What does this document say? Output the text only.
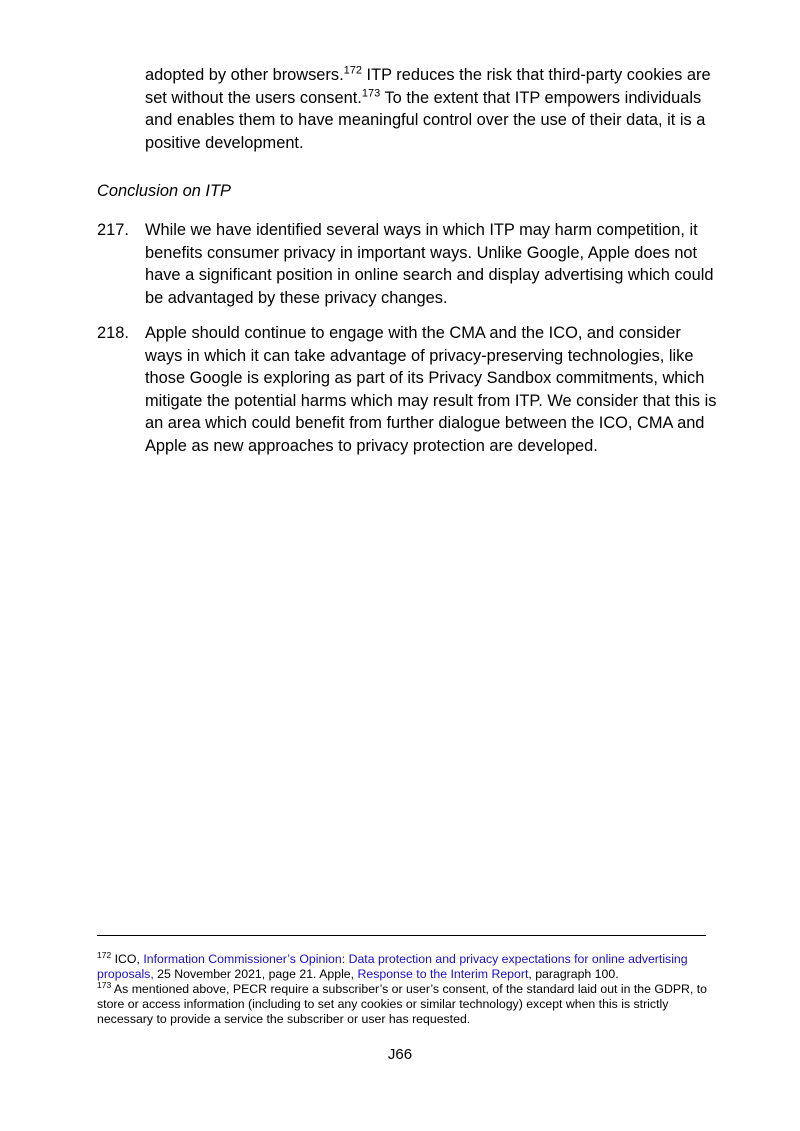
adopted by other browsers.$^{172}$ ITP reduces the risk that third-party cookies are set without the users consent.$^{173}$ To the extent that ITP empowers individuals and enables them to have meaningful control over the use of their data, it is a positive development.

Conclusion on ITP

217. While we have identified several ways in which ITP may harm competition, it benefits consumer privacy in important ways. Unlike Google, Apple does not have a significant position in online search and display advertising which could be advantaged by these privacy changes.
218. Apple should continue to engage with the CMA and the ICO, and consider ways in which it can take advantage of privacy-preserving technologies, like those Google is exploring as part of its Privacy Sandbox commitments, which mitigate the potential harms which may result from ITP. We consider that this is an area which could benefit from further dialogue between the ICO, CMA and Apple as new approaches to privacy protection are developed.

$^{172}$ ICO, Information Commissioner’s Opinion: Data protection and privacy expectations for online advertising proposals, 25 November 2021, page 21. Apple, Response to the Interim Report, paragraph 100.

$^{173}$ As mentioned above, PECR require a subscriber’s or user’s consent, of the standard laid out in the GDPR, to store or access information (including to set any cookies or similar technology) except when this is strictly necessary to provide a service the subscriber or user has requested.

J66
